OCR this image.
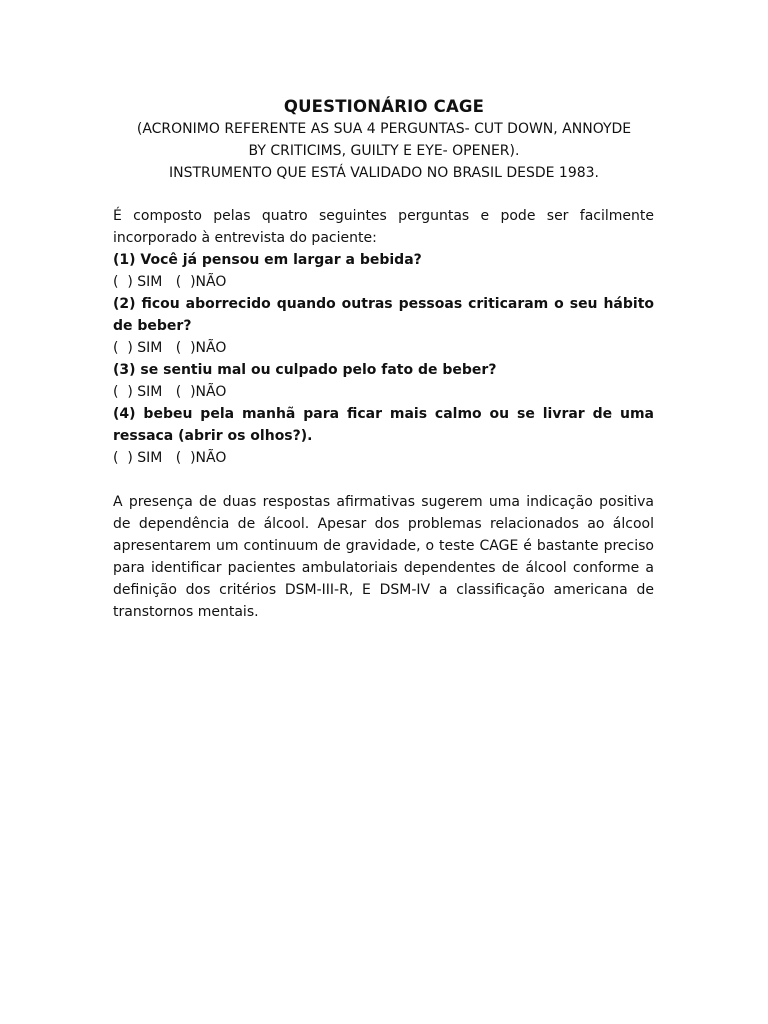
QUESTIONÁRIO CAGE
(ACRONIMO REFERENTE AS SUA 4 PERGUNTAS- CUT DOWN, ANNOYDE
BY CRITICIMS, GUILTY E EYE- OPENER).
INSTRUMENTO QUE ESTÁ VALIDADO NO BRASIL DESDE 1983.
É composto pelas quatro seguintes perguntas e pode ser facilmente incorporado à entrevista do paciente:
(1) Você já pensou em largar a bebida?
(  ) SIM   (  )NÃO
(2) ficou aborrecido quando outras pessoas criticaram o seu hábito de beber?
(  ) SIM   (  )NÃO
(3) se sentiu mal ou culpado pelo fato de beber?
(  ) SIM   (  )NÃO
(4) bebeu pela manhã para ficar mais calmo ou se livrar de uma ressaca (abrir os olhos?).
(  ) SIM   (  )NÃO
A presença de duas respostas afirmativas sugerem uma indicação positiva de dependência de álcool. Apesar dos problemas relacionados ao álcool apresentarem um continuum de gravidade, o teste CAGE é bastante preciso para identificar pacientes ambulatoriais dependentes de álcool conforme a definição dos critérios DSM-III-R, E DSM-IV a classificação americana de transtornos mentais.
